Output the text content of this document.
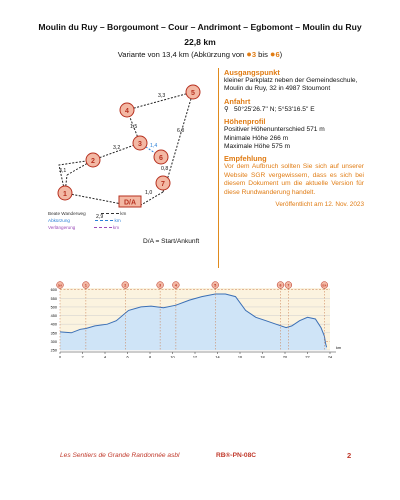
Moulin du Ruy – Borgoumont – Cour – Andrimont – Egbomont – Moulin du Ruy
22,8 km
Variante von 13,4 km (Abkürzung von ●3 bis ●6)
2,9
3,1
3,2
1,5
3,3
6,0
1,4
0,8
1,0
1
2
3
4
5
6
7
D/A
Beate Wanderweg	km
Abkürzung	km
Verlängerung	km
D/A = Start/Ankunft
Ausgangspunkt

kleiner Parkplatz neben der Gemeindeschule, Moulin du Ruy, 32 in 4987 Stoumont

Anfahrt

⚲ 50°25'26.7'' N; 5°53'16.5'' E

Höhenprofil

Positiver Höhenunterschied 571 m
Minimale Höhe 266 m
Maximale Höhe 575 m

Empfehlung

Vor dem Aufbruch sollten Sie sich auf unserer Website SGR vergewissern, dass es sich bei diesem Dokument um die aktuelle Version für diese Rundwanderung handelt.

Veröffentlicht am 12. Nov. 2023

600
550
500
450
400
350
300
250
D/A	1	2	3	4	5	6 7	D/A
0	2	4	6	8	10	12	14	16	18	20	22	24
km
Les Sentiers de Grande Randonnée asbl	RB®-PN-08C	2
